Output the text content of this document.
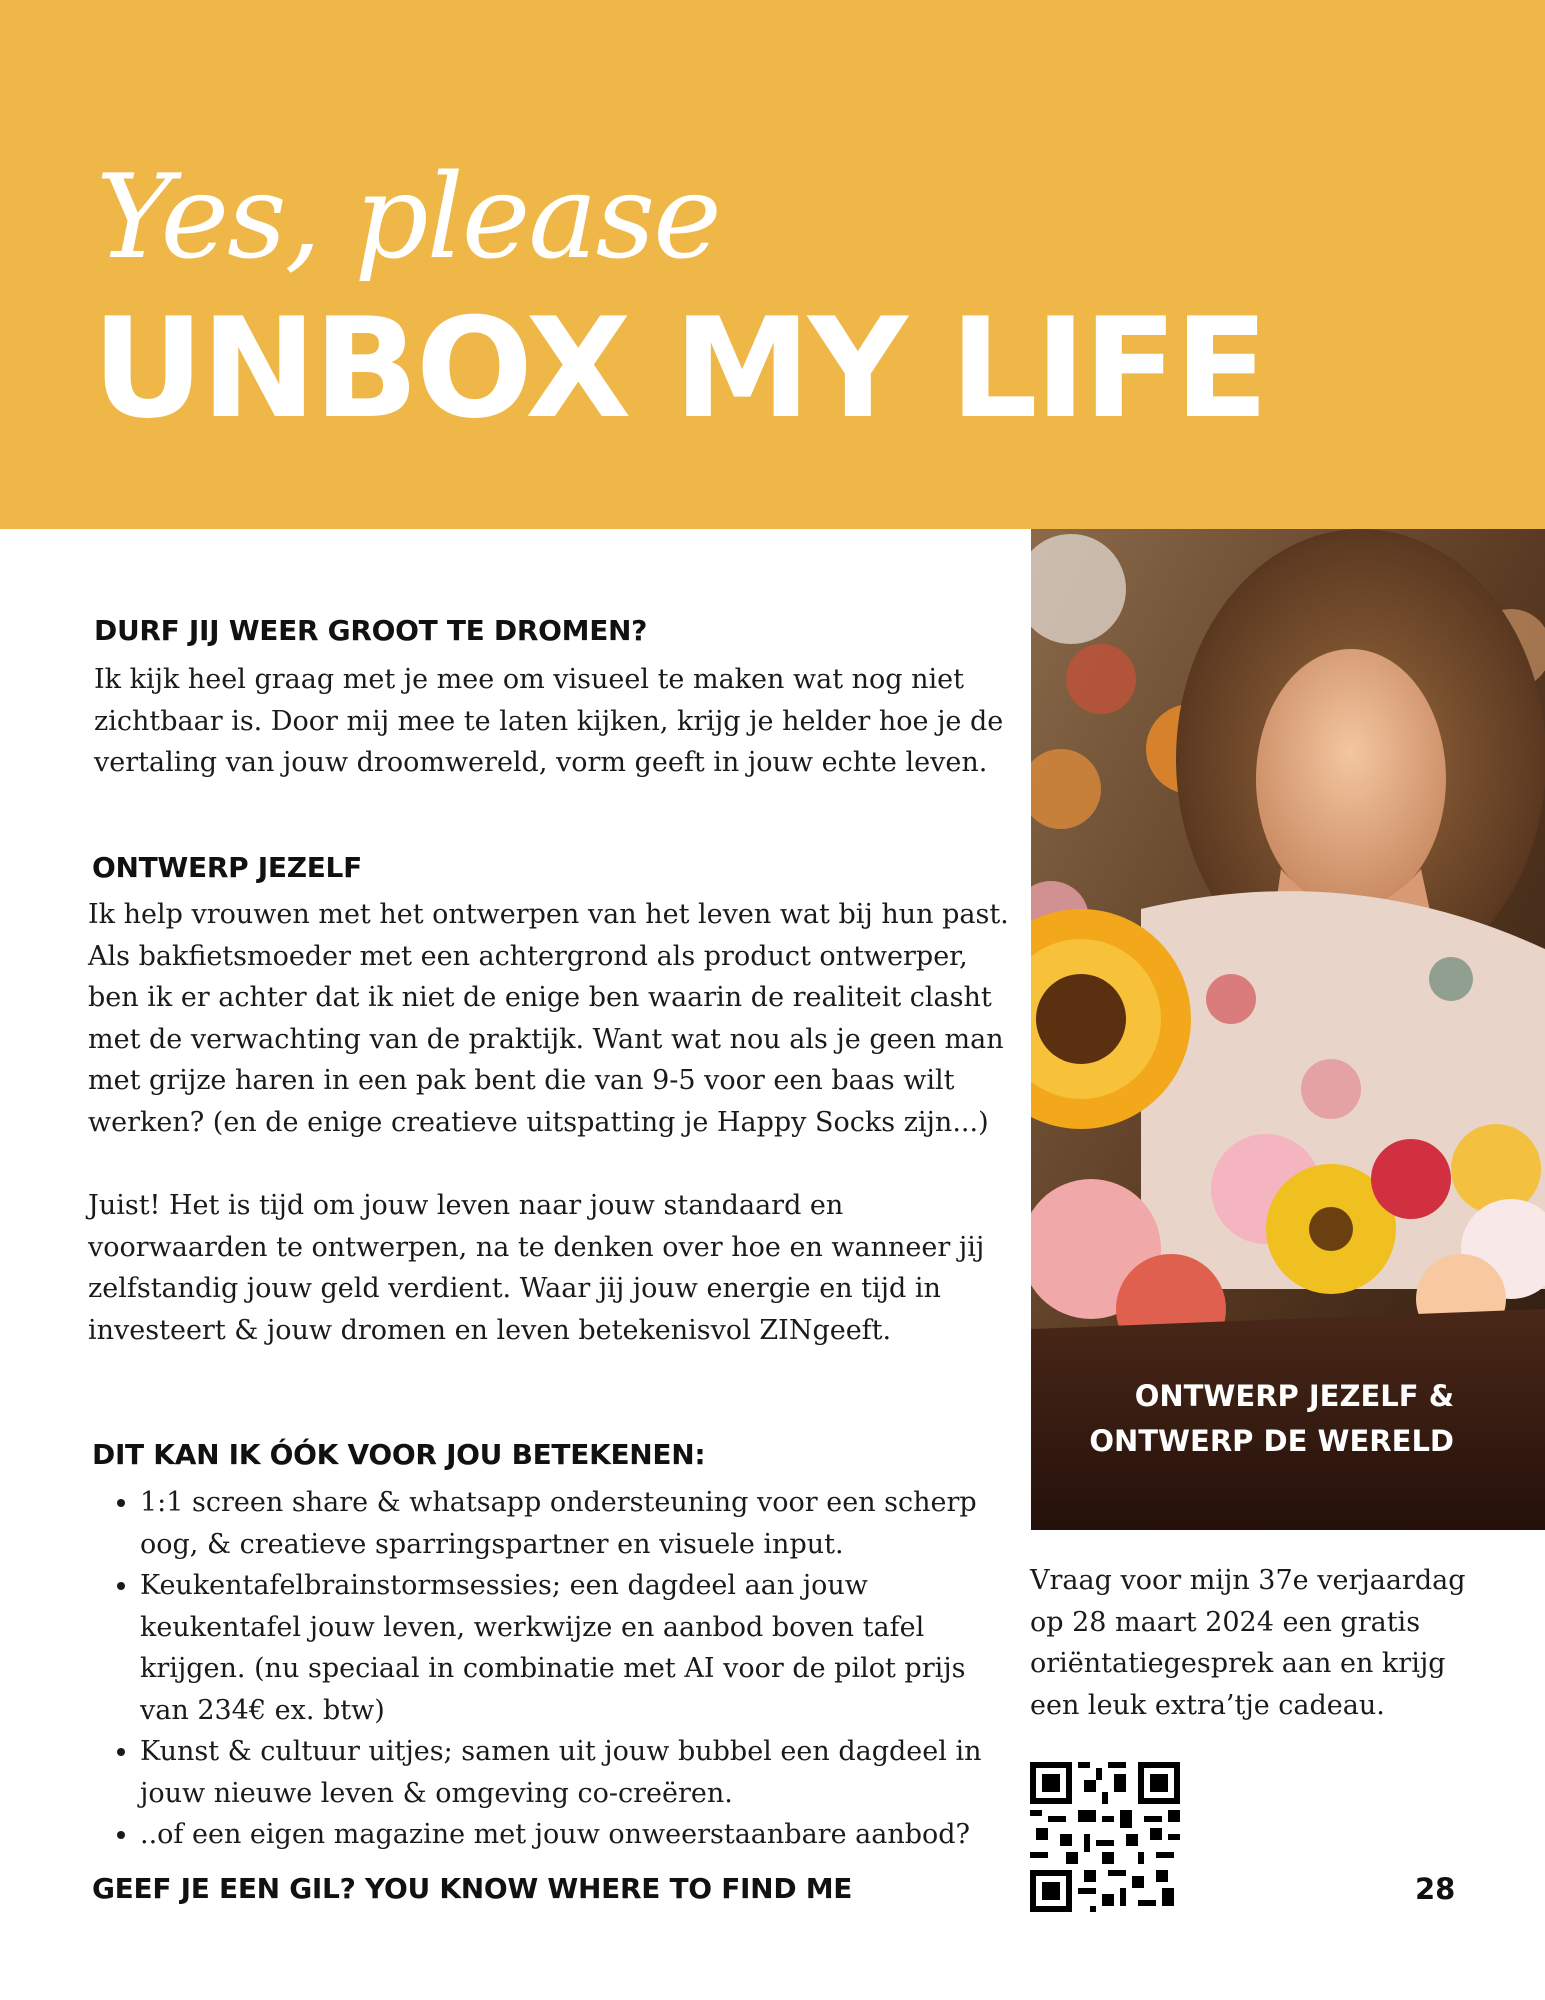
Yes, please
UNBOX MY LIFE
DURF JIJ WEER GROOT TE DROMEN?
Ik kijk heel graag met je mee om visueel te maken wat nog niet
zichtbaar is. Door mij mee te laten kijken, krijg je helder hoe je de
vertaling van jouw droomwereld, vorm geeft in jouw echte leven.
ONTWERP JEZELF
Ik help vrouwen met het ontwerpen van het leven wat bij hun past.
Als bakfietsmoeder met een achtergrond als product ontwerper,
ben ik er achter dat ik niet de enige ben waarin de realiteit clasht
met de verwachting van de praktijk. Want wat nou als je geen man
met grijze haren in een pak bent die van 9-5 voor een baas wilt
werken? (en de enige creatieve uitspatting je Happy Socks zijn...)
Juist! Het is tijd om jouw leven naar jouw standaard en
voorwaarden te ontwerpen, na te denken over hoe en wanneer jij
zelfstandig jouw geld verdient. Waar jij jouw energie en tijd in
investeert & jouw dromen en leven betekenisvol ZINgeeft.
DIT KAN IK ÓÓK VOOR JOU BETEKENEN:
• 1:1 screen share & whatsapp ondersteuning voor een scherp
oog, & creatieve sparringspartner en visuele input.
• Keukentafelbrainstormsessies; een dagdeel aan jouw
keukentafel jouw leven, werkwijze en aanbod boven tafel
krijgen. (nu speciaal in combinatie met AI voor de pilot prijs
van 234€ ex. btw)
• Kunst & cultuur uitjes; samen uit jouw bubbel een dagdeel in
jouw nieuwe leven & omgeving co-creëren.
• ..of een eigen magazine met jouw onweerstaanbare aanbod?
GEEF JE EEN GIL? YOU KNOW WHERE TO FIND ME
ONTWERP JEZELF &
ONTWERP DE WERELD
Vraag voor mijn 37e verjaardag
op 28 maart 2024 een gratis
oriëntatiegesprek aan en krijg
een leuk extra’tje cadeau.
28
